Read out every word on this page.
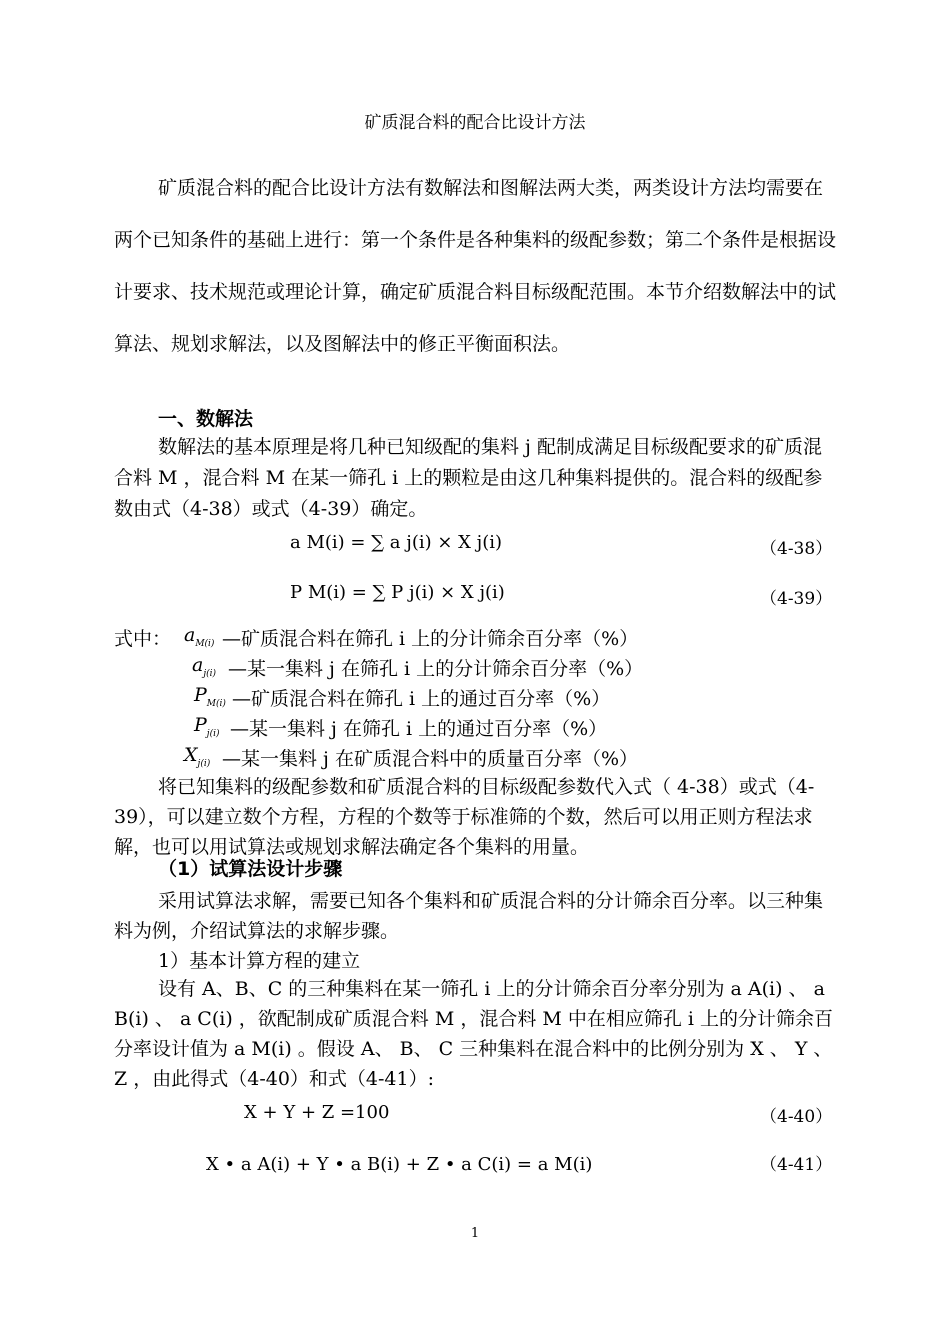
矿质混合料的配合比设计方法
矿质混合料的配合比设计方法有数解法和图解法两大类，两类设计方法均需要在两个已知条件的基础上进行：第一个条件是各种集料的级配参数；第二个条件是根据设计要求、技术规范或理论计算，确定矿质混合料目标级配范围。本节介绍数解法中的试算法、规划求解法，以及图解法中的修正平衡面积法。
一、数解法
数解法的基本原理是将几种已知级配的集料 j 配制成满足目标级配要求的矿质混合料 M ，混合料 M 在某一筛孔 i 上的颗粒是由这几种集料提供的。混合料的级配参数由式（4-38）或式（4-39）确定。
a M(i) = ∑ a j(i) × X j(i)	（4-38）
P M(i) = ∑ P j(i) × X j(i)	（4-39）
式中： $a_{M(i)}$ —矿质混合料在筛孔 i 上的分计筛余百分率（%）
$a_{j(i)}$ —某一集料 j 在筛孔 i 上的分计筛余百分率（%）
$P_{M(i)}$ —矿质混合料在筛孔 i 上的通过百分率（%）
$P_{j(i)}$ —某一集料 j 在筛孔 i 上的通过百分率（%）
$X_{j(i)}$ —某一集料 j 在矿质混合料中的质量百分率（%）
将已知集料的级配参数和矿质混合料的目标级配参数代入式（ 4-38）或式（4-39），可以建立数个方程，方程的个数等于标准筛的个数，然后可以用正则方程法求解，也可以用试算法或规划求解法确定各个集料的用量。
（1）试算法设计步骤
采用试算法求解，需要已知各个集料和矿质混合料的分计筛余百分率。以三种集料为例，介绍试算法的求解步骤。
1）基本计算方程的建立
设有 A、B、C 的三种集料在某一筛孔 i 上的分计筛余百分率分别为 a A(i) 、 a B(i) 、 a C(i) ，欲配制成矿质混合料 M ，混合料 M 中在相应筛孔 i 上的分计筛余百分率设计值为 a M(i) 。假设 A、 B、 C 三种集料在混合料中的比例分别为 X 、 Y 、 Z ，由此得式（4-40）和式（4-41）:
X + Y + Z =100	（4-40）
X • a A(i) + Y • a B(i) + Z • a C(i) = a M(i)	（4-41）
1
